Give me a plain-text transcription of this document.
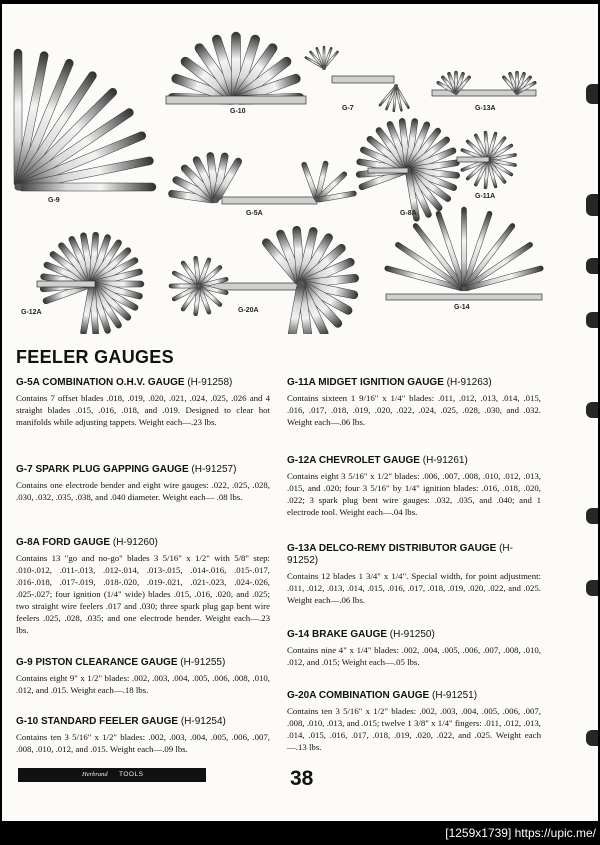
G-9
G-10	G-7	G-13A
G-5A	G-8A
G-11A
G-12A	G-20A	G-14
FEELER GAUGES
G-5A COMBINATION O.H.V. GAUGE (H-91258)
Contains 7 offset blades .018, .019, .020, .021, .024, .025, .026 and 4 straight blades .015, .016, .018, and .019. Designed to clear hot manifolds while adjusting tappets. Weight each—.23 lbs.
G-7 SPARK PLUG GAPPING GAUGE (H-91257)
Contains one electrode bender and eight wire gauges: .022, .025, .028, .030, .032, .035, .038, and .040 diameter. Weight each— .08 lbs.
G-8A FORD GAUGE (H-91260)
Contains 13 "go and no-go" blades 3 5/16" x 1/2" with 5/8" step: .010-.012, .011-.013, .012-.014, .013-.015, .014-.016, .015-.017, .016-.018, .017-.019, .018-.020, .019-.021, .021-.023, .024-.026, .025-.027; four ignition (1/4" wide) blades .015, .016, .020, and .025; two straight wire feelers .017 and .030; three spark plug gap bent wire feelers .025, .028, .035; and one electrode bender. Weight each—.23 lbs.
G-9 PISTON CLEARANCE GAUGE (H-91255)
Contains eight 9" x 1/2" blades: .002, .003, .004, .005, .006, .008, .010, .012, and .015. Weight each—.18 lbs.
G-10 STANDARD FEELER GAUGE (H-91254)
Contains ten 3 5/16" x 1/2" blades: .002, .003, .004, .005, .006, .007, .008, .010, .012, and .015. Weight each—.09 lbs.
G-11A MIDGET IGNITION GAUGE (H-91263)
Contains sixteen 1 9/16" x 1/4" blades: .011, .012, .013, .014, .015, .016, .017, .018, .019, .020, .022, .024, .025, .028, .030, and .032. Weight each—.06 lbs.
G-12A CHEVROLET GAUGE (H-91261)
Contains eight 3 5/16" x 1/2" blades: .006, .007, .008, .010, .012, .013, .015, and .020; four 3 5/16" by 1/4" ignition blades: .016, .018, .020, .022; 3 spark plug bent wire gauges: .032, .035, and .040; and 1 electrode tool. Weight each—.04 lbs.
G-13A DELCO-REMY DISTRIBUTOR GAUGE (H-91252)
Contains 12 blades 1 3/4" x 1/4". Special width, for point adjustment: .011, .012, .013, .014, .015, .016, .017, .018, .019, .020, .022, and .025. Weight each—.06 lbs.
G-14 BRAKE GAUGE (H-91250)
Contains nine 4" x 1/4" blades: .002, .004, .005, .006, .007, .008, .010, .012, and .015; Weight each—.05 lbs.
G-20A COMBINATION GAUGE (H-91251)
Contains ten 3 5/16" x 1/2" blades: .002, .003, .004, .005, .006, .007, .008, .010, .013, and .015; twelve 1 3/8" x 1/4" fingers: .011, .012, .013, .014, .015, .016, .017, .018, .019, .020, .022, and .025. Weight each—.13 lbs.
Herbrand TOOLS	38
[1259x1739] https://upic.me/
